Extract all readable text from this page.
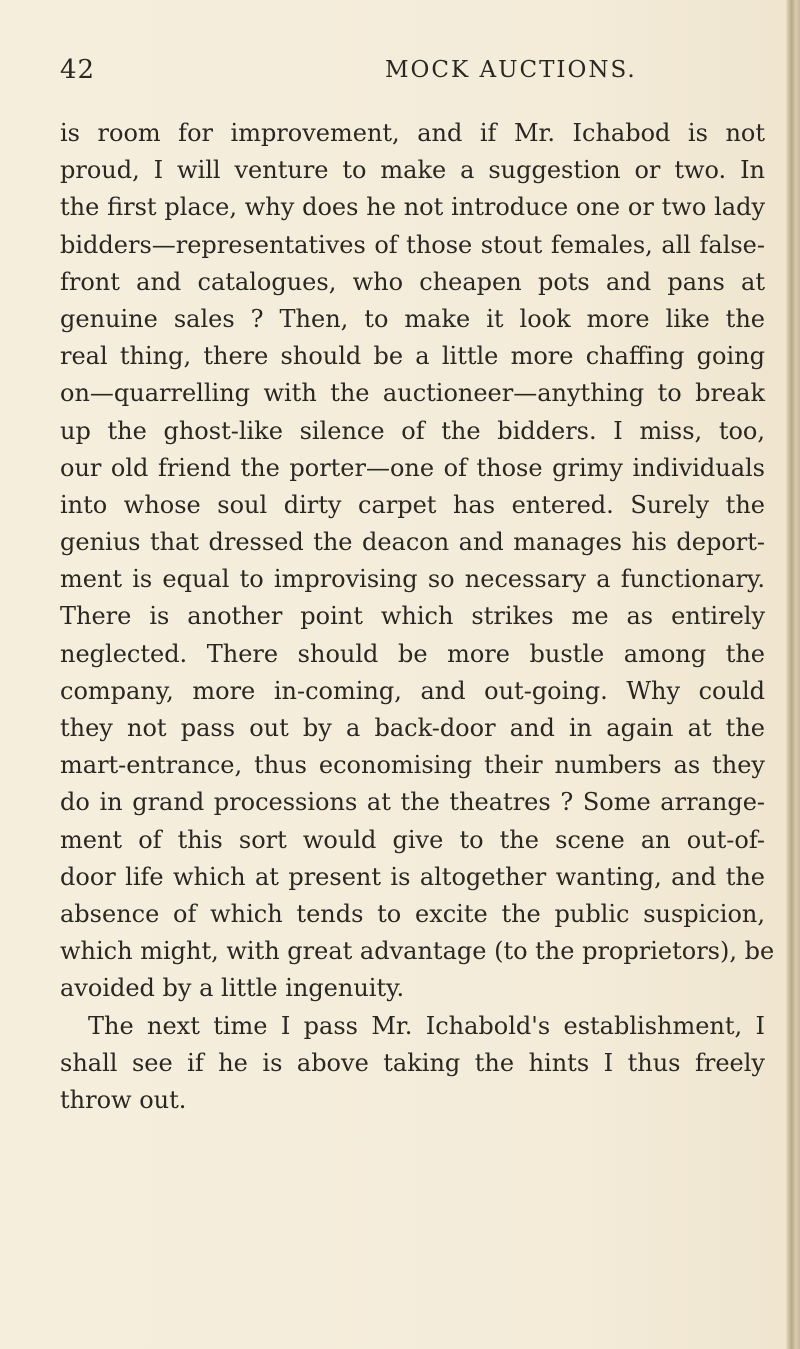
42	MOCK AUCTIONS.
is room for improvement, and if Mr. Ichabod is not
proud, I will venture to make a suggestion or two. In
the first place, why does he not introduce one or two lady
bidders—representatives of those stout females, all false-
front and catalogues, who cheapen pots and pans at
genuine sales ? Then, to make it look more like the
real thing, there should be a little more chaffing going
on—quarrelling with the auctioneer—anything to break
up the ghost-like silence of the bidders. I miss, too,
our old friend the porter—one of those grimy individuals
into whose soul dirty carpet has entered. Surely the
genius that dressed the deacon and manages his deport-
ment is equal to improvising so necessary a functionary.
There is another point which strikes me as entirely
neglected. There should be more bustle among the
company, more in-coming, and out-going. Why could
they not pass out by a back-door and in again at the
mart-entrance, thus economising their numbers as they
do in grand processions at the theatres ? Some arrange-
ment of this sort would give to the scene an out-of-
door life which at present is altogether wanting, and the
absence of which tends to excite the public suspicion,
which might, with great advantage (to the proprietors), be
avoided by a little ingenuity.
The next time I pass Mr. Ichabold's establishment, I
shall see if he is above taking the hints I thus freely
throw out.
